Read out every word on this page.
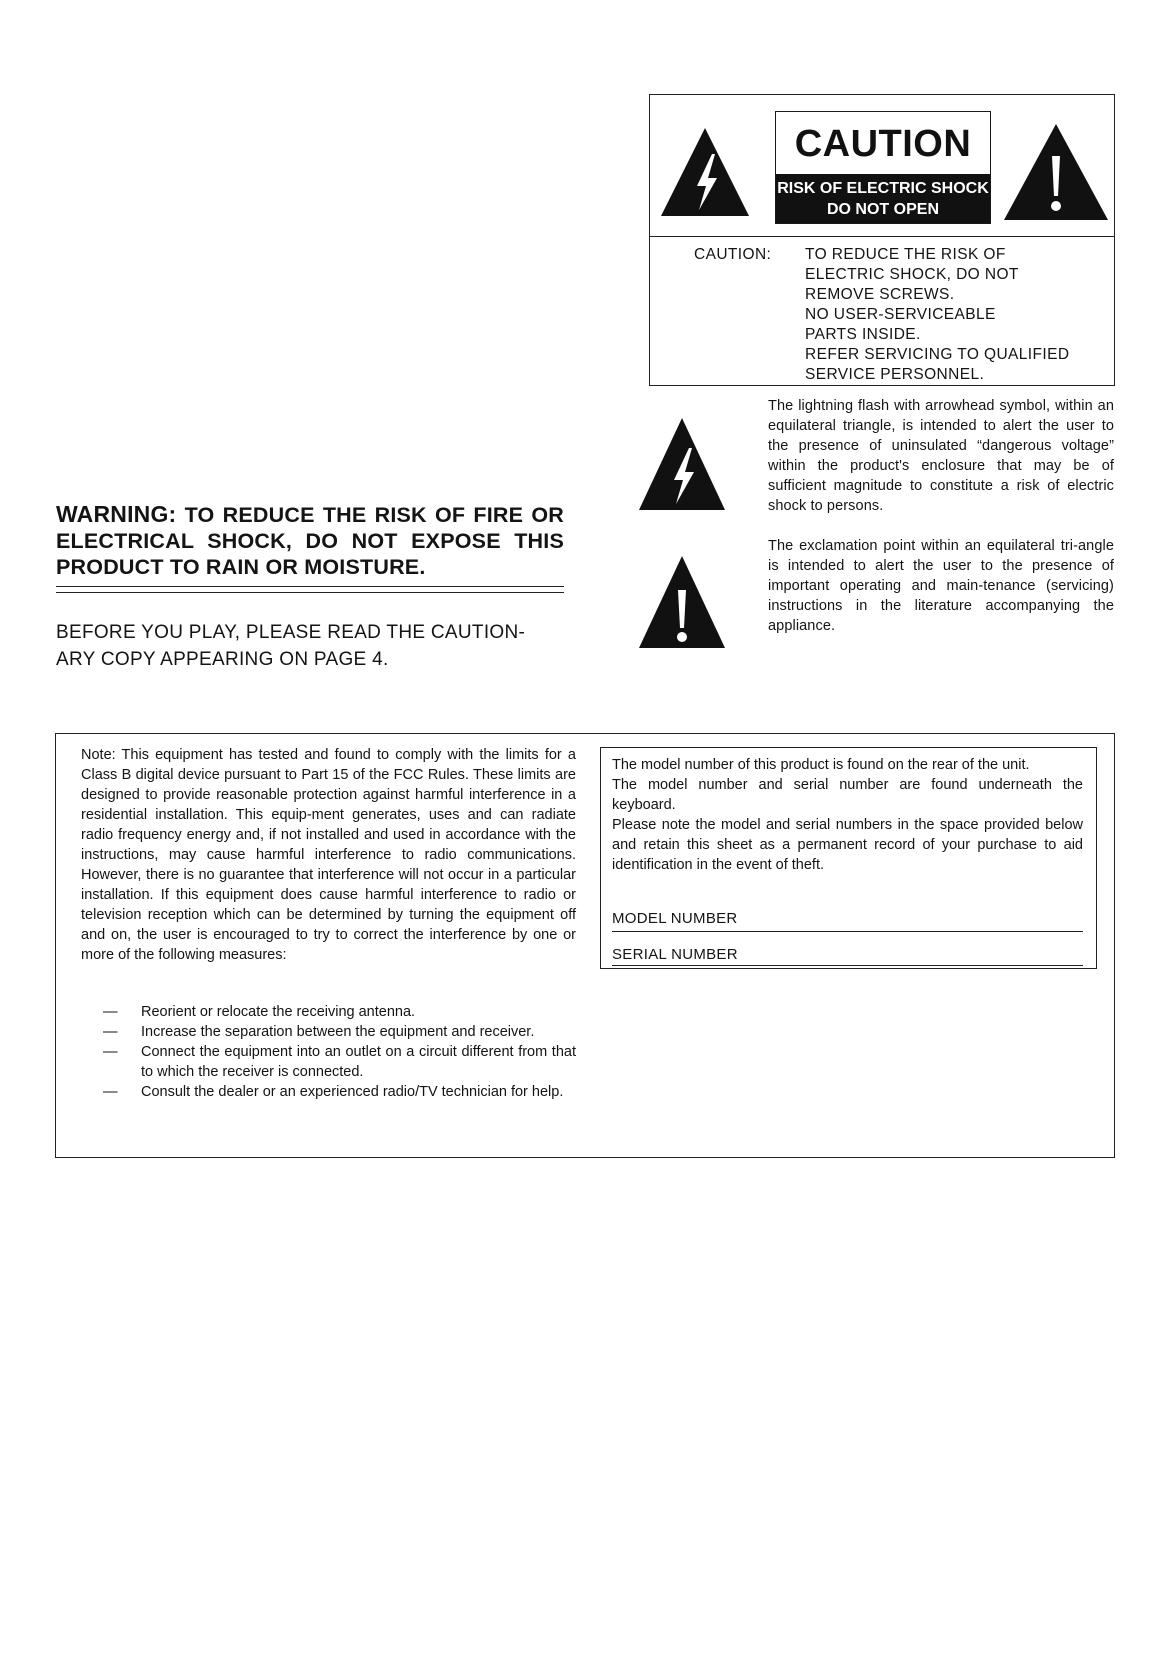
CAUTION
RISK OF ELECTRIC SHOCK
DO NOT OPEN
CAUTION: TO REDUCE THE RISK OF
ELECTRIC SHOCK, DO NOT
REMOVE SCREWS.
NO USER-SERVICEABLE
PARTS INSIDE.
REFER SERVICING TO QUALIFIED
SERVICE PERSONNEL.
The lightning flash with arrowhead symbol, within an equilateral triangle, is intended to alert the user to the presence of uninsulated “dangerous voltage” within the product's enclosure that may be of sufficient magnitude to constitute a risk of electric shock to persons.
The exclamation point within an equilateral tri-angle is intended to alert the user to the presence of important operating and main-tenance (servicing) instructions in the literature accompanying the appliance.
WARNING: TO REDUCE THE RISK OF FIRE OR ELECTRICAL SHOCK, DO NOT EXPOSE THIS PRODUCT TO RAIN OR MOISTURE.
BEFORE YOU PLAY, PLEASE READ THE CAUTION-
ARY COPY APPEARING ON PAGE 4.
Note: This equipment has tested and found to comply with the limits for a Class B digital device pursuant to Part 15 of the FCC Rules. These limits are designed to provide reasonable protection against harmful interference in a residential installation. This equip-ment generates, uses and can radiate radio frequency energy and, if not installed and used in accordance with the instructions, may cause harmful interference to radio communications. However, there is no guarantee that interference will not occur in a particular installation. If this equipment does cause harmful interference to radio or television reception which can be determined by turning the equipment off and on, the user is encouraged to try to correct the interference by one or more of the following measures:
— Reorient or relocate the receiving antenna.
— Increase the separation between the equipment and receiver.
— Connect the equipment into an outlet on a circuit different from that to which the receiver is connected.
— Consult the dealer or an experienced radio/TV technician for help.

The model number of this product is found on the rear of the unit.

The model number and serial number are found underneath the keyboard.

Please note the model and serial numbers in the space provided below and retain this sheet as a permanent record of your purchase to aid identification in the event of theft.

MODEL NUMBER
SERIAL NUMBER
